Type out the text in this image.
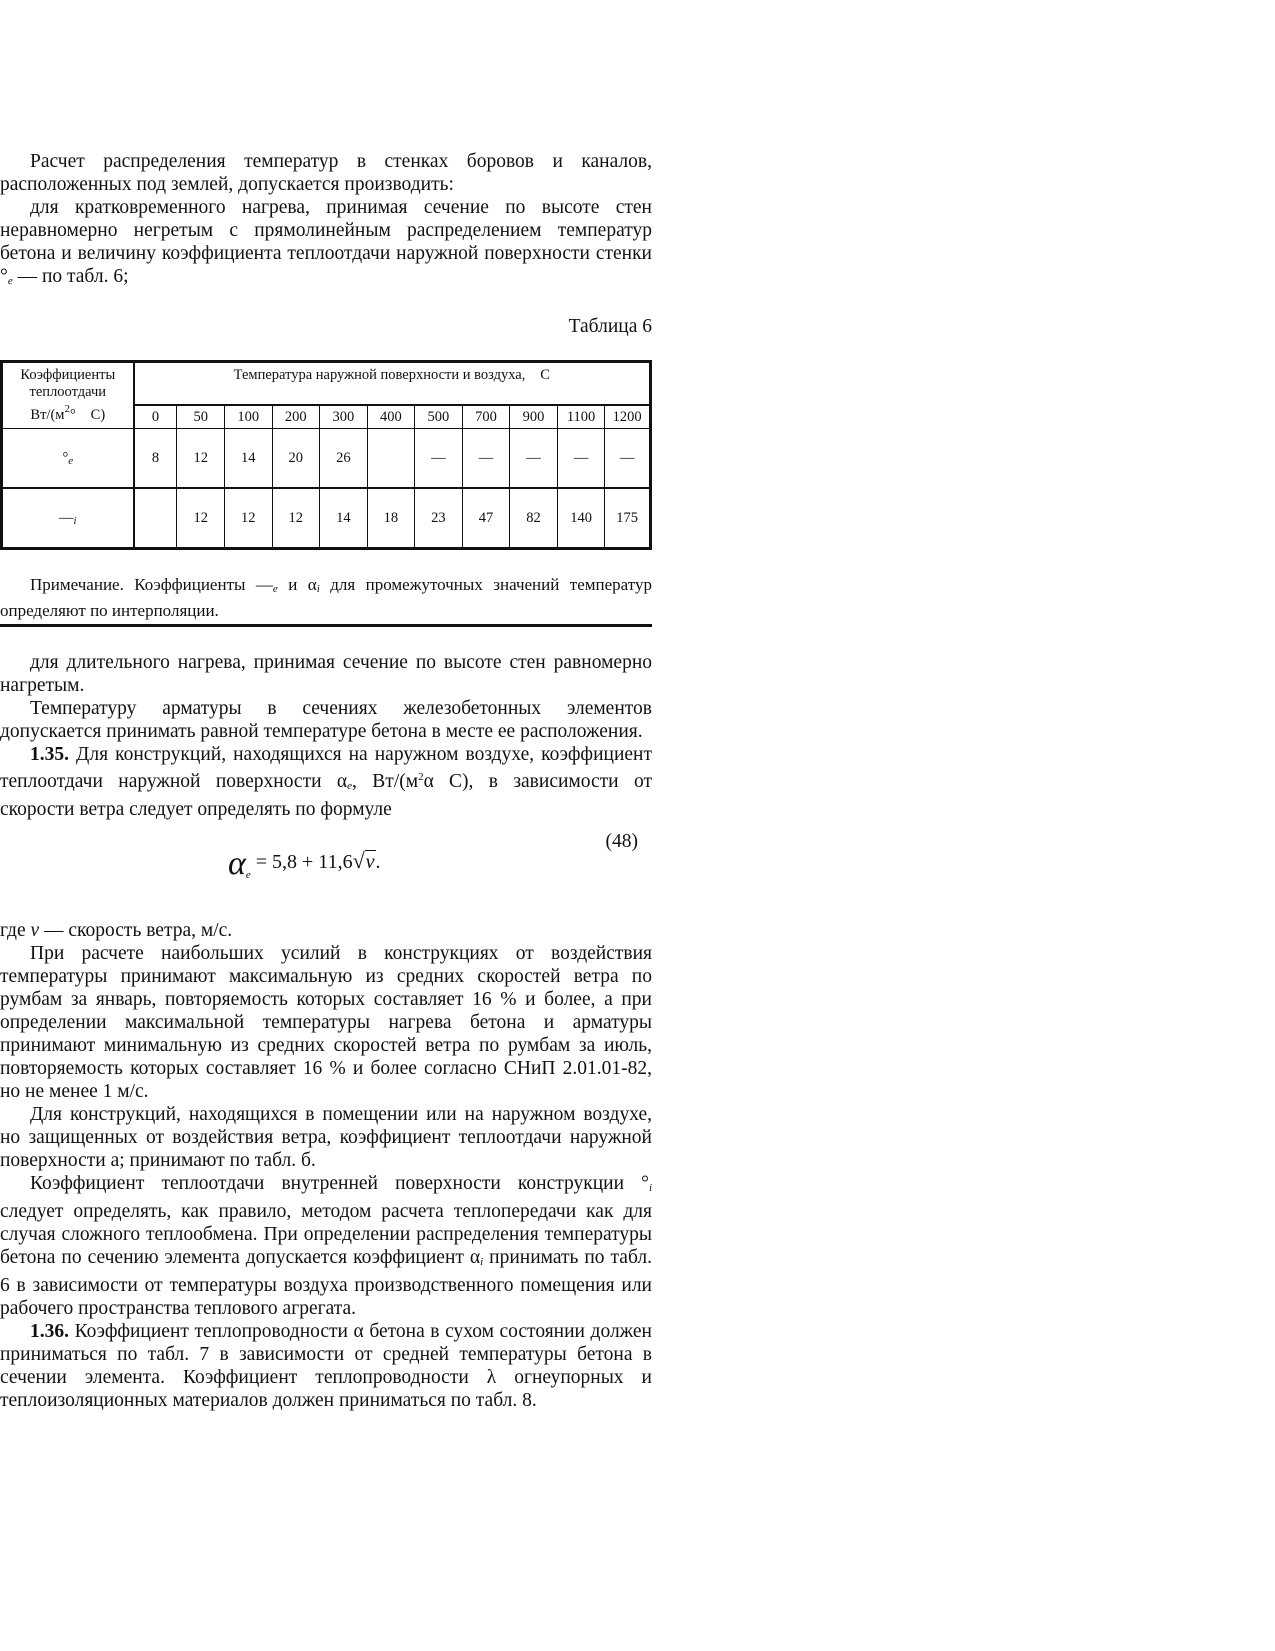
Расчет распределения температур в стенках боровов и каналов, расположенных под землей, допускается производить:

для кратковременного нагрева, принимая сечение по высоте стен неравномерно негретым с прямолинейным распределением температур бетона и величину коэффициента теплоотдачи наружной поверхности стенки °e — по табл. 6;

Таблица 6
Коэффициенты
теплоотдачи
$Вт/(м^2$ ° C)	Температура наружной поверхности и воздуха, C										
	0	50	100	200	300	400	500	700	900	1100	1200
°e	8	12	14	20	26		—	—	—	—	—
—i		12	12	12	14	18	23	47	82	140	175

Примечание. Коэффициенты —e и αi для промежуточных значений температур определяют по интерполяции.

для длительного нагрева, принимая сечение по высоте стен равномерно нагретым.

Температуру арматуры в сечениях железобетонных элементов допускается принимать равной температуре бетона в месте ее расположения.

1.35. Для конструкций, находящихся на наружном воздухе, коэффициент теплоотдачи наружной поверхности αe, $Вт/(м^2\alpha$ C), в зависимости от скорости ветра следует определять по формуле

(48)
$\alpha_e = 5,8 + 11,6√v$.

где v — скорость ветра, м/с.

При расчете наибольших усилий в конструкциях от воздействия температуры принимают максимальную из средних скоростей ветра по румбам за январь, повторяемость которых составляет 16 % и более, а при определении максимальной температуры нагрева бетона и арматуры принимают минимальную из средних скоростей ветра по румбам за июль, повторяемость которых составляет 16 % и более согласно СНиП 2.01.01-82, но не менее 1 м/с.

Для конструкций, находящихся в помещении или на наружном воздухе, но защищенных от воздействия ветра, коэффициент теплоотдачи наружной поверхности а; принимают по табл. б.

Коэффициент теплоотдачи внутренней поверхности конструкции °i следует определять, как правило, методом расчета теплопередачи как для случая сложного теплообмена. При определении распределения температуры бетона по сечению элемента допускается коэффициент αi принимать по табл. 6 в зависимости от температуры воздуха производственного помещения или рабочего пространства теплового агрегата.

1.36. Коэффициент теплопроводности α бетона в сухом состоянии должен приниматься по табл. 7 в зависимости от средней температуры бетона в сечении элемента. Коэффициент теплопроводности λ огнеупорных и теплоизоляционных материалов должен приниматься по табл. 8.
